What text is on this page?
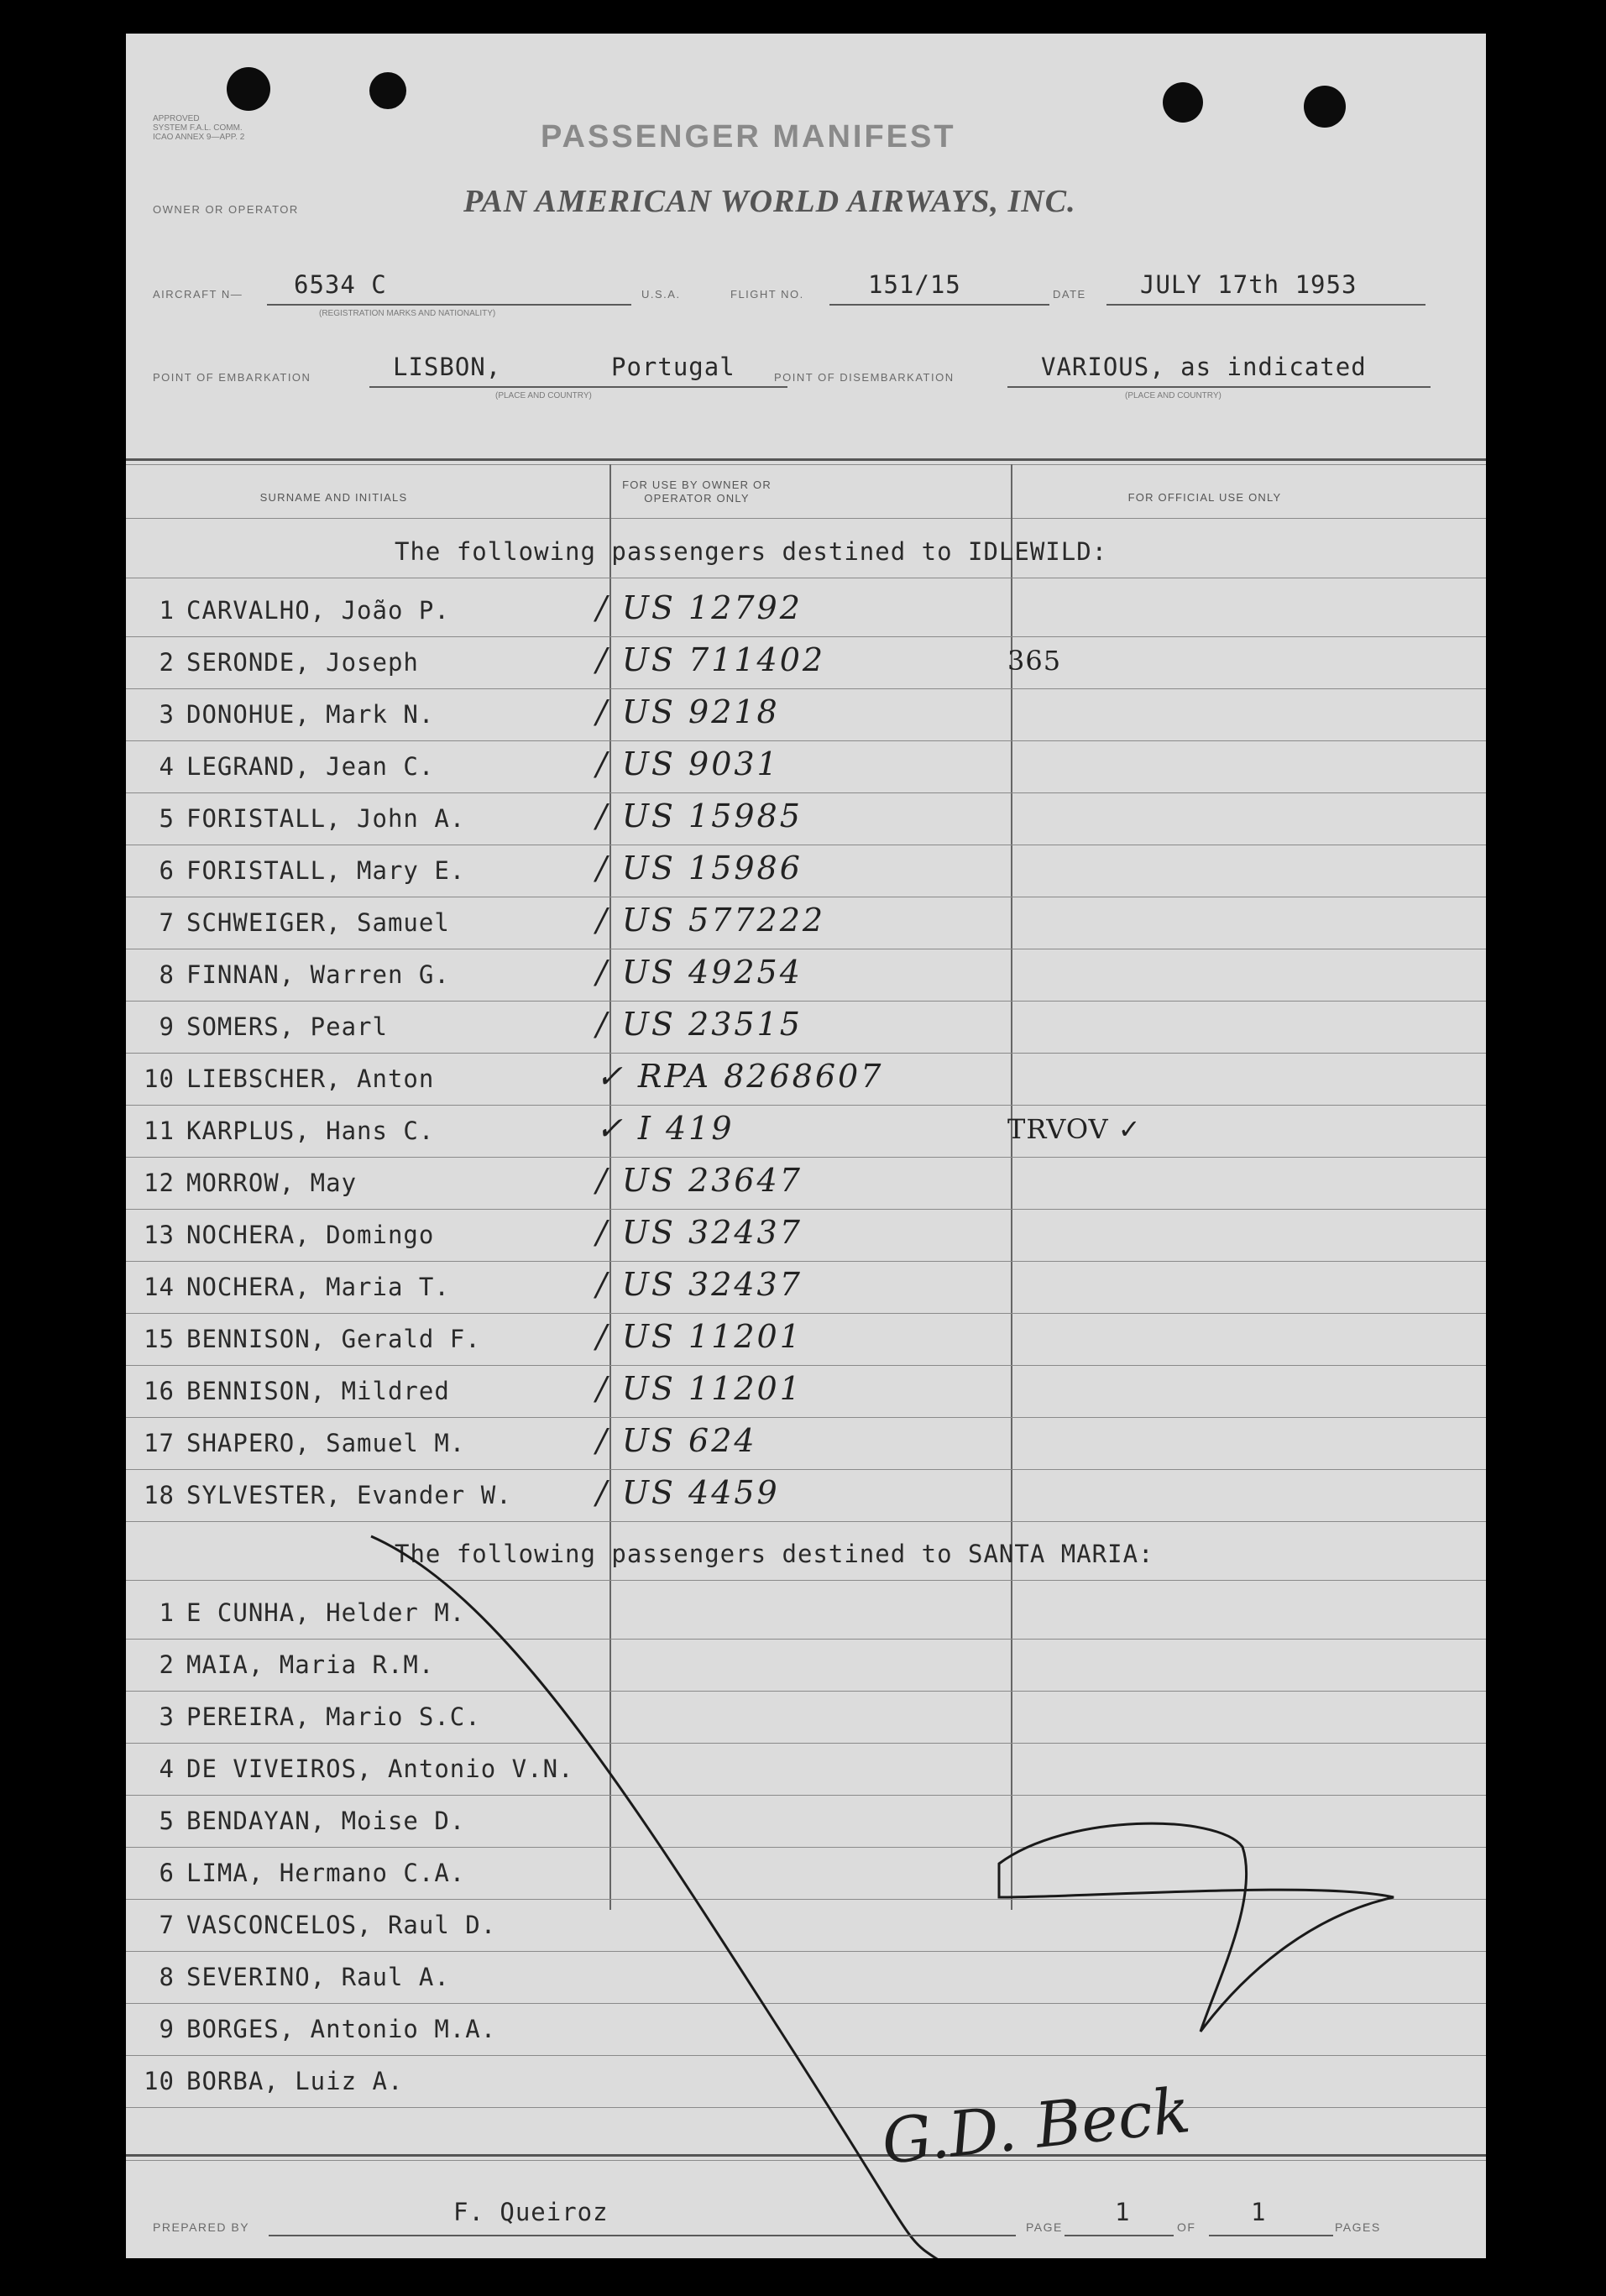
APPROVED
SYSTEM F.A.L. COMM.
ICAO ANNEX 9—APP. 2	PASSENGER MANIFEST
OWNER OR OPERATOR	PAN AMERICAN WORLD AIRWAYS, INC.
AIRCRAFT N— 6534 C
(REGISTRATION MARKS AND NATIONALITY)
U.S.A.	FLIGHT NO.	151/15	DATE JULY 17th 1953
POINT OF EMBARKATION	LISBON,	Portugal
(PLACE AND COUNTRY)
POINT OF DISEMBARKATION	VARIOUS, as indicated
(PLACE AND COUNTRY)
SURNAME AND INITIALS
FOR USE BY OWNER OR OPERATOR ONLY	FOR OFFICIAL USE ONLY
The following passengers destined to IDLEWILD:
1 CARVALHO, João P.	/ US 12792
2 SERONDE, Joseph	/ US 711402	365
3 DONOHUE, Mark N.	/ US 9218
4 LEGRAND, Jean C.	/ US 9031
5 FORISTALL, John A.	/ US 15985
6 FORISTALL, Mary E.	/ US 15986
7 SCHWEIGER, Samuel	/ US 577222
8 FINNAN, Warren G.	/ US 49254
9 SOMERS, Pearl	/ US 23515
10 LIEBSCHER, Anton	✓ RPA 8268607
11 KARPLUS, Hans C.	✓ I 419	TRVOV ✓
12 MORROW, May	/ US 23647
13 NOCHERA, Domingo	/ US 32437
14 NOCHERA, Maria T.	/ US 32437
15 BENNISON, Gerald F.	/ US 11201
16 BENNISON, Mildred	/ US 11201
17 SHAPERO, Samuel M.	/ US 624
18 SYLVESTER, Evander W.	/ US 4459
The following passengers destined to SANTA MARIA:
1 E CUNHA, Helder M.
2 MAIA, Maria R.M.
3 PEREIRA, Mario S.C.
4 DE VIVEIROS, Antonio V.N.
5 BENDAYAN, Moise D.
6 LIMA, Hermano C.A.
7 VASCONCELOS, Raul D.
8 SEVERINO, Raul A.
9 BORGES, Antonio M.A.
10 BORBA, Luiz A.	G.D. Beck
PREPARED BY
F. Queiroz
PAGE
1
OF
1
PAGES
